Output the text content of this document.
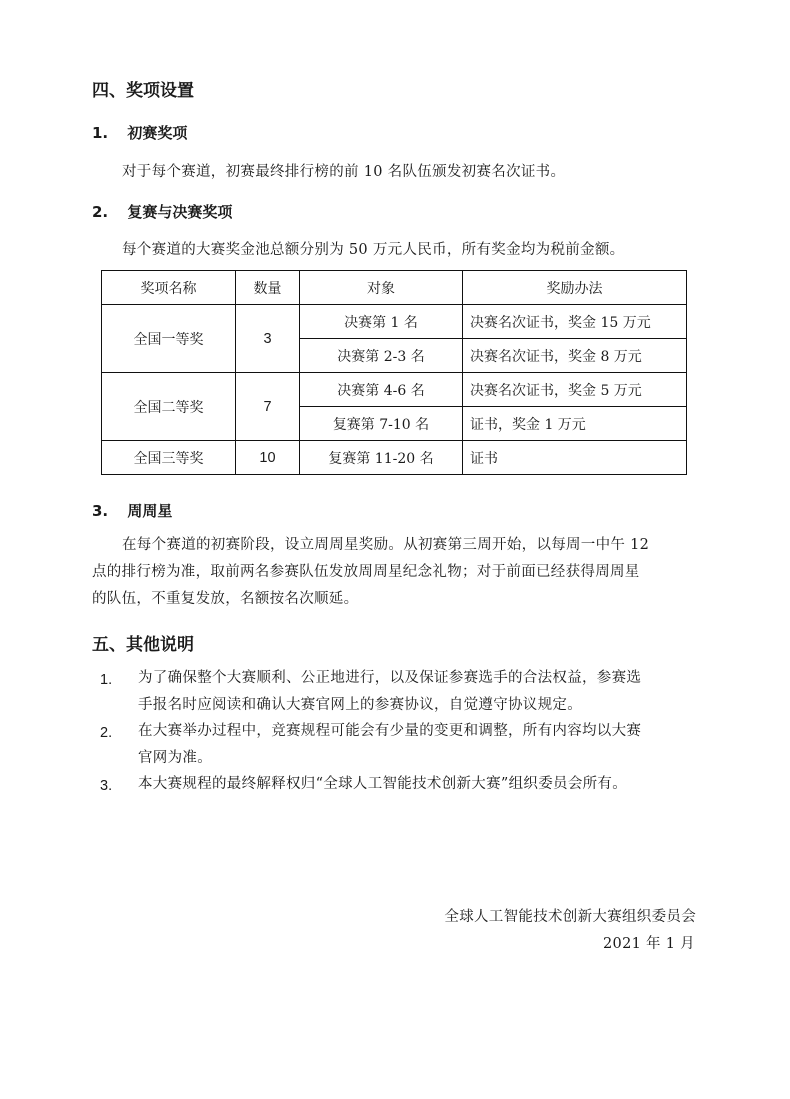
四、奖项设置
1. 初赛奖项
对于每个赛道，初赛最终排行榜的前 10 名队伍颁发初赛名次证书。
2. 复赛与决赛奖项
每个赛道的大赛奖金池总额分别为 50 万元人民币，所有奖金均为税前金额。
奖项名称	数量	对象	奖励办法
全国一等奖	3	决赛第 1 名	决赛名次证书，奖金 15 万元
		决赛第 2-3 名	决赛名次证书，奖金 8 万元
全国二等奖	7	决赛第 4-6 名	决赛名次证书，奖金 5 万元
		复赛第 7-10 名	证书，奖金 1 万元
全国三等奖	10	复赛第 11-20 名	证书
3. 周周星
在每个赛道的初赛阶段，设立周周星奖励。从初赛第三周开始，以每周一中午 12
点的排行榜为准，取前两名参赛队伍发放周周星纪念礼物；对于前面已经获得周周星
的队伍，不重复发放，名额按名次顺延。
五、其他说明
1. 为了确保整个大赛顺利、公正地进行，以及保证参赛选手的合法权益，参赛选
手报名时应阅读和确认大赛官网上的参赛协议，自觉遵守协议规定。
2. 在大赛举办过程中，竞赛规程可能会有少量的变更和调整，所有内容均以大赛
官网为准。
3. 本大赛规程的最终解释权归“全球人工智能技术创新大赛”组织委员会所有。
全球人工智能技术创新大赛组织委员会
2021 年 1 月
